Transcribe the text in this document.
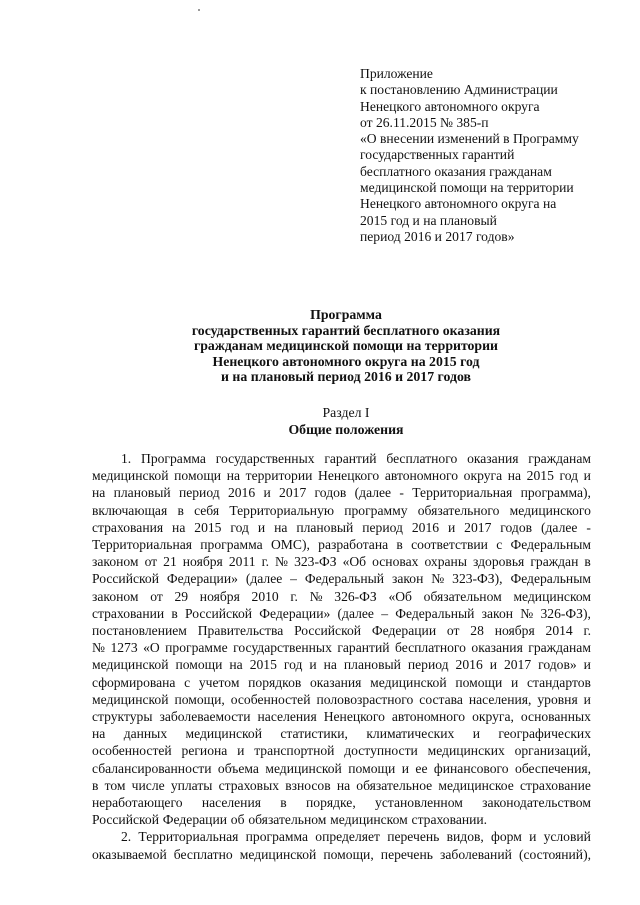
Приложение
к постановлению Администрации
Ненецкого автономного округа
от 26.11.2015 № 385-п
«О внесении изменений в Программу
государственных гарантий
бесплатного оказания гражданам
медицинской помощи на территории
Ненецкого автономного округа на
2015 год и на плановый
период 2016 и 2017 годов»
Программа
государственных гарантий бесплатного оказания
гражданам медицинской помощи на территории
Ненецкого автономного округа на 2015 год
и на плановый период 2016 и 2017 годов
Раздел I
Общие положения
1. Программа государственных гарантий бесплатного оказания гражданам
медицинской помощи на территории Ненецкого автономного округа на 2015 год и
на плановый период 2016 и 2017 годов (далее - Территориальная программа),
включающая в себя Территориальную программу обязательного медицинского
страхования на 2015 год и на плановый период 2016 и 2017 годов (далее -
Территориальная программа ОМС), разработана в соответствии с Федеральным
законом от 21 ноября 2011 г. № 323-ФЗ «Об основах охраны здоровья граждан в
Российской Федерации» (далее – Федеральный закон № 323-ФЗ), Федеральным
законом от 29 ноября 2010 г. № 326-ФЗ «Об обязательном медицинском
страховании в Российской Федерации» (далее – Федеральный закон № 326-ФЗ),
постановлением Правительства Российской Федерации от 28 ноября 2014 г.
№ 1273 «О программе государственных гарантий бесплатного оказания гражданам
медицинской помощи на 2015 год и на плановый период 2016 и 2017 годов» и
сформирована с учетом порядков оказания медицинской помощи и стандартов
медицинской помощи, особенностей половозрастного состава населения, уровня и
структуры заболеваемости населения Ненецкого автономного округа, основанных
на данных медицинской статистики, климатических и географических
особенностей региона и транспортной доступности медицинских организаций,
сбалансированности объема медицинской помощи и ее финансового обеспечения,
в том числе уплаты страховых взносов на обязательное медицинское страхование
неработающего населения в порядке, установленном законодательством
Российской Федерации об обязательном медицинском страховании.
2. Территориальная программа определяет перечень видов, форм и условий
оказываемой бесплатно медицинской помощи, перечень заболеваний (состояний),
